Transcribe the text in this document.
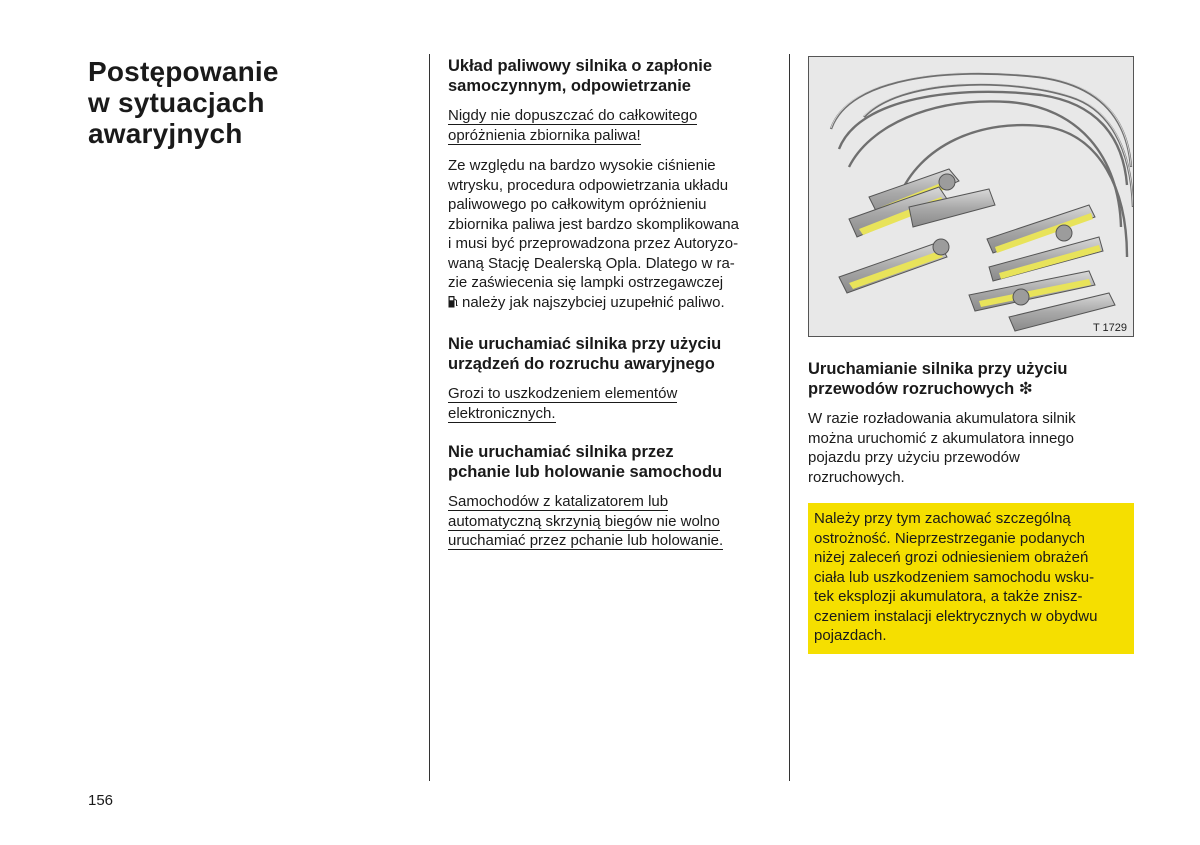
Postępowanie
w sytuacjach
awaryjnych
Układ paliwowy silnika o zapłonie
samoczynnym, odpowietrzanie

Nigdy nie dopuszczać do całkowitego
opróżnienia zbiornika paliwa!

Ze względu na bardzo wysokie ciśnienie
wtrysku, procedura odpowietrzania układu
paliwowego po całkowitym opróżnieniu
zbiornika paliwa jest bardzo skomplikowana
i musi być przeprowadzona przez Autoryzo-
waną Stację Dealerską Opla. Dlatego w ra-
zie zaświecenia się lampki ostrzegawczej
należy jak najszybciej uzupełnić paliwo.

Nie uruchamiać silnika przy użyciu
urządzeń do rozruchu awaryjnego

Grozi to uszkodzeniem elementów
elektronicznych.

Nie uruchamiać silnika przez
pchanie lub holowanie samochodu

Samochodów z katalizatorem lub
automatyczną skrzynią biegów nie wolno
uruchamiać przez pchanie lub holowanie.

T 1729
Uruchamianie silnika przy użyciu
przewodów rozruchowych ❇

W razie rozładowania akumulatora silnik
można uruchomić z akumulatora innego
pojazdu przy użyciu przewodów
rozruchowych.

Należy przy tym zachować szczególną
ostrożność. Nieprzestrzeganie podanych
niżej zaleceń grozi odniesieniem obrażeń
ciała lub uszkodzeniem samochodu wsku-
tek eksplozji akumulatora, a także znisz-
czeniem instalacji elektrycznych w obydwu
pojazdach.
156
